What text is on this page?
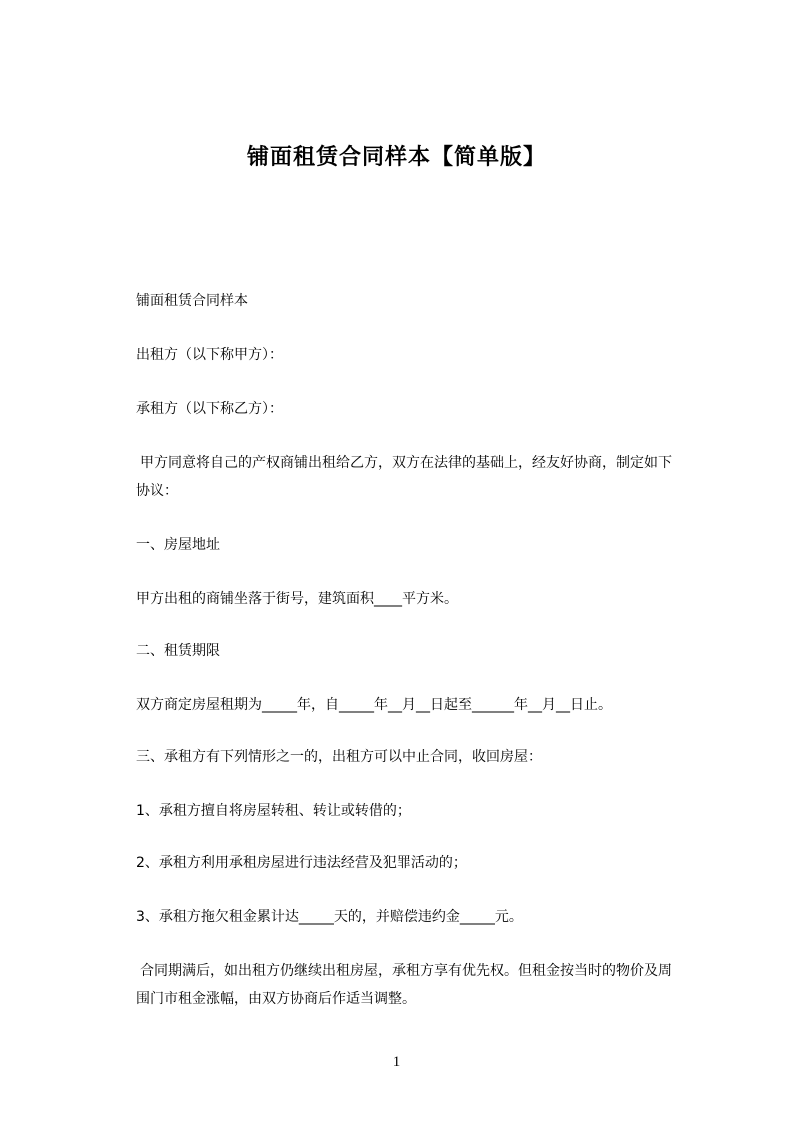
铺面租赁合同样本【简单版】
铺面租赁合同样本
出租方（以下称甲方）：
承租方（以下称乙方）：
甲方同意将自己的产权商铺出租给乙方，双方在法律的基础上，经友好协商，制定如下协议：
一、房屋地址
甲方出租的商铺坐落于街号，建筑面积____平方米。
二、租赁期限
双方商定房屋租期为_____年，自_____年__月__日起至______年__月__日止。
三、承租方有下列情形之一的，出租方可以中止合同，收回房屋：
1、承租方擅自将房屋转租、转让或转借的；
2、承租方利用承租房屋进行违法经营及犯罪活动的；
3、承租方拖欠租金累计达_____天的，并赔偿违约金_____元。
合同期满后，如出租方仍继续出租房屋，承租方享有优先权。但租金按当时的物价及周围门市租金涨幅，由双方协商后作适当调整。
1
